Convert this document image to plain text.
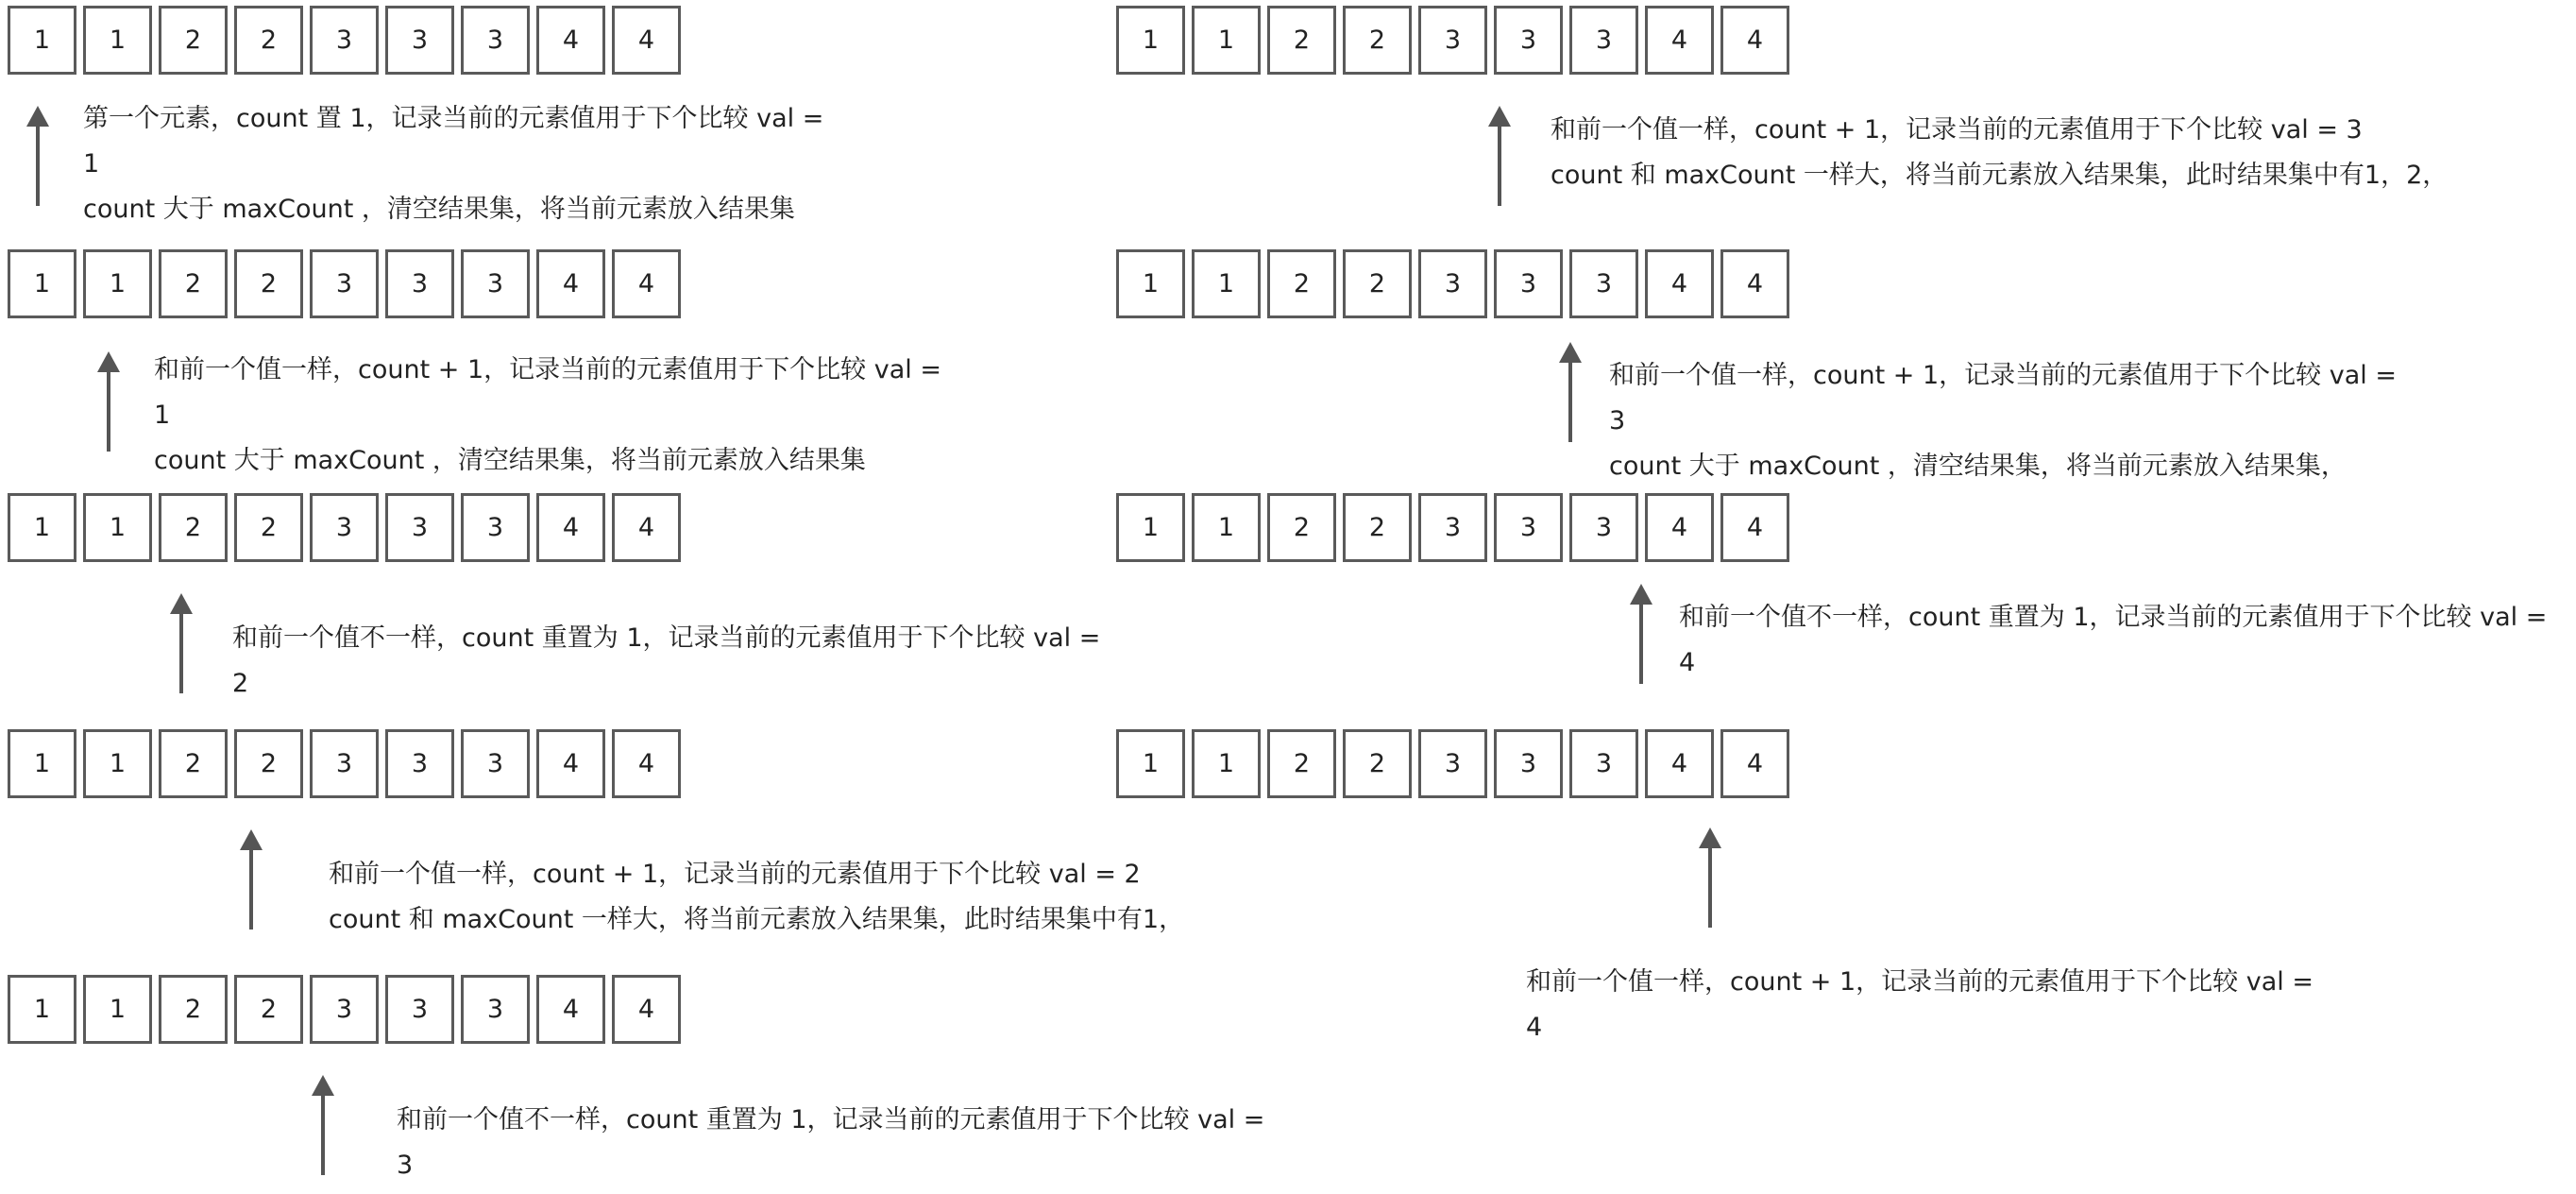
1	1	2	2	3	3	3	4	4
1	1	2	2	3	3	3	4	4
1	1	2	2	3	3	3	4	4
1	1	2	2	3	3	3	4	4
1	1	2	2	3	3	3	4	4
1	1	2	2	3	3	3	4	4
1	1	2	2	3	3	3	4	4
1	1	2	2	3	3	3	4	4
1	1	2	2	3	3	3	4	4
第一个元素，count 置 1，记录当前的元素值用于下个比较 val =
1
count 大于 maxCount ，清空结果集，将当前元素放入结果集
和前一个值一样，count + 1，记录当前的元素值用于下个比较 val =
1
count 大于 maxCount ，清空结果集，将当前元素放入结果集
和前一个值不一样，count 重置为 1，记录当前的元素值用于下个比较 val =
2
和前一个值一样，count + 1，记录当前的元素值用于下个比较 val = 2
count 和 maxCount 一样大，将当前元素放入结果集，此时结果集中有1，
和前一个值不一样，count 重置为 1，记录当前的元素值用于下个比较 val =
3
和前一个值一样，count + 1，记录当前的元素值用于下个比较 val = 3
count 和 maxCount 一样大，将当前元素放入结果集，此时结果集中有1，2，
和前一个值一样，count + 1，记录当前的元素值用于下个比较 val =
3
count 大于 maxCount ，清空结果集，将当前元素放入结果集，
和前一个值不一样，count 重置为 1，记录当前的元素值用于下个比较 val =
4
和前一个值一样，count + 1，记录当前的元素值用于下个比较 val =
4
